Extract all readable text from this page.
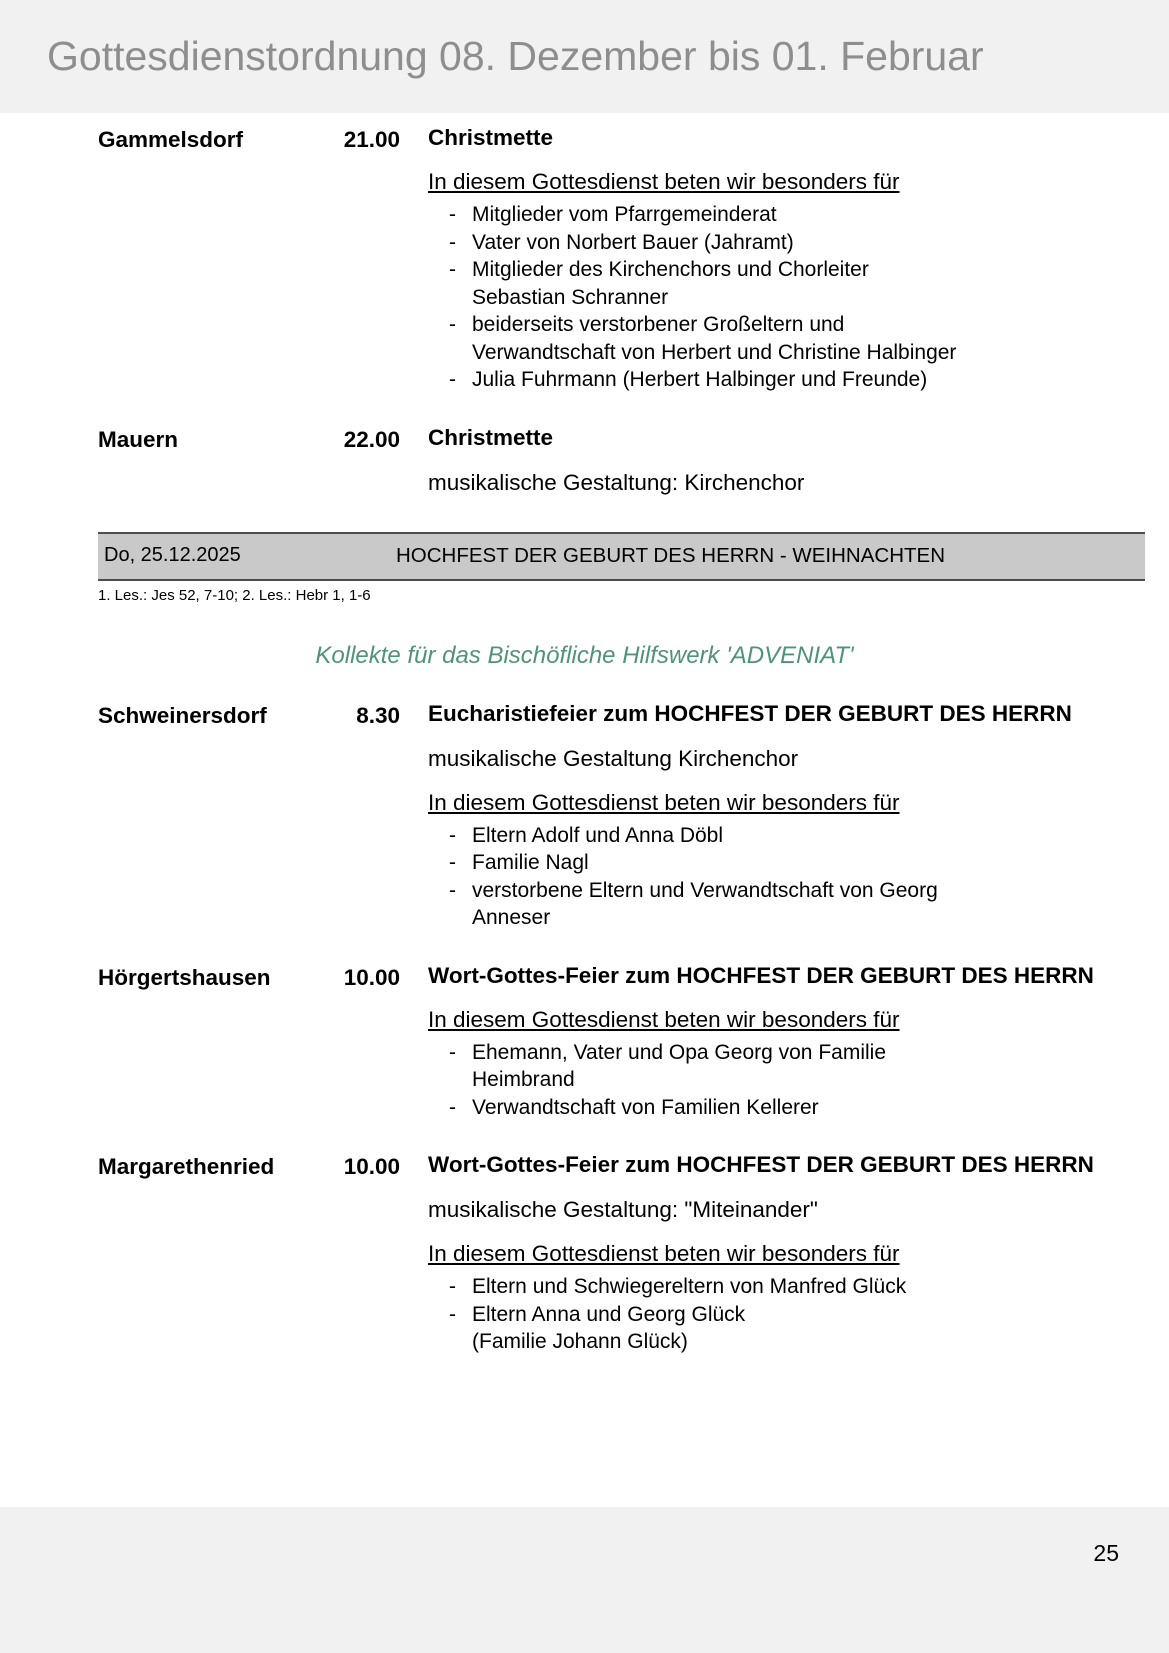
Gottesdienstordnung 08. Dezember bis 01. Februar
Gammelsdorf	21.00	Christmette
In diesem Gottesdienst beten wir besonders für
- Mitglieder vom Pfarrgemeinderat
- Vater von Norbert Bauer (Jahramt)
- Mitglieder des Kirchenchors und Chorleiter
Sebastian Schranner
- beiderseits verstorbener Großeltern und
Verwandtschaft von Herbert und Christine Halbinger
- Julia Fuhrmann (Herbert Halbinger und Freunde)
Mauern	22.00	Christmette
musikalische Gestaltung: Kirchenchor
Do, 25.12.2025	HOCHFEST DER GEBURT DES HERRN - WEIHNACHTEN
1. Les.: Jes 52, 7-10; 2. Les.: Hebr 1, 1-6
Kollekte für das Bischöfliche Hilfswerk 'ADVENIAT'
Schweinersdorf	8.30	Eucharistiefeier zum HOCHFEST DER GEBURT DES HERRN
musikalische Gestaltung Kirchenchor
In diesem Gottesdienst beten wir besonders für
- Eltern Adolf und Anna Döbl
- Familie Nagl
- verstorbene Eltern und Verwandtschaft von Georg
Anneser
Hörgertshausen	10.00	Wort-Gottes-Feier zum HOCHFEST DER GEBURT DES HERRN
In diesem Gottesdienst beten wir besonders für
- Ehemann, Vater und Opa Georg von Familie
Heimbrand
- Verwandtschaft von Familien Kellerer
Margarethenried	10.00	Wort-Gottes-Feier zum HOCHFEST DER GEBURT DES HERRN
musikalische Gestaltung: "Miteinander"
In diesem Gottesdienst beten wir besonders für
- Eltern und Schwiegereltern von Manfred Glück
- Eltern Anna und Georg Glück
(Familie Johann Glück)
25
